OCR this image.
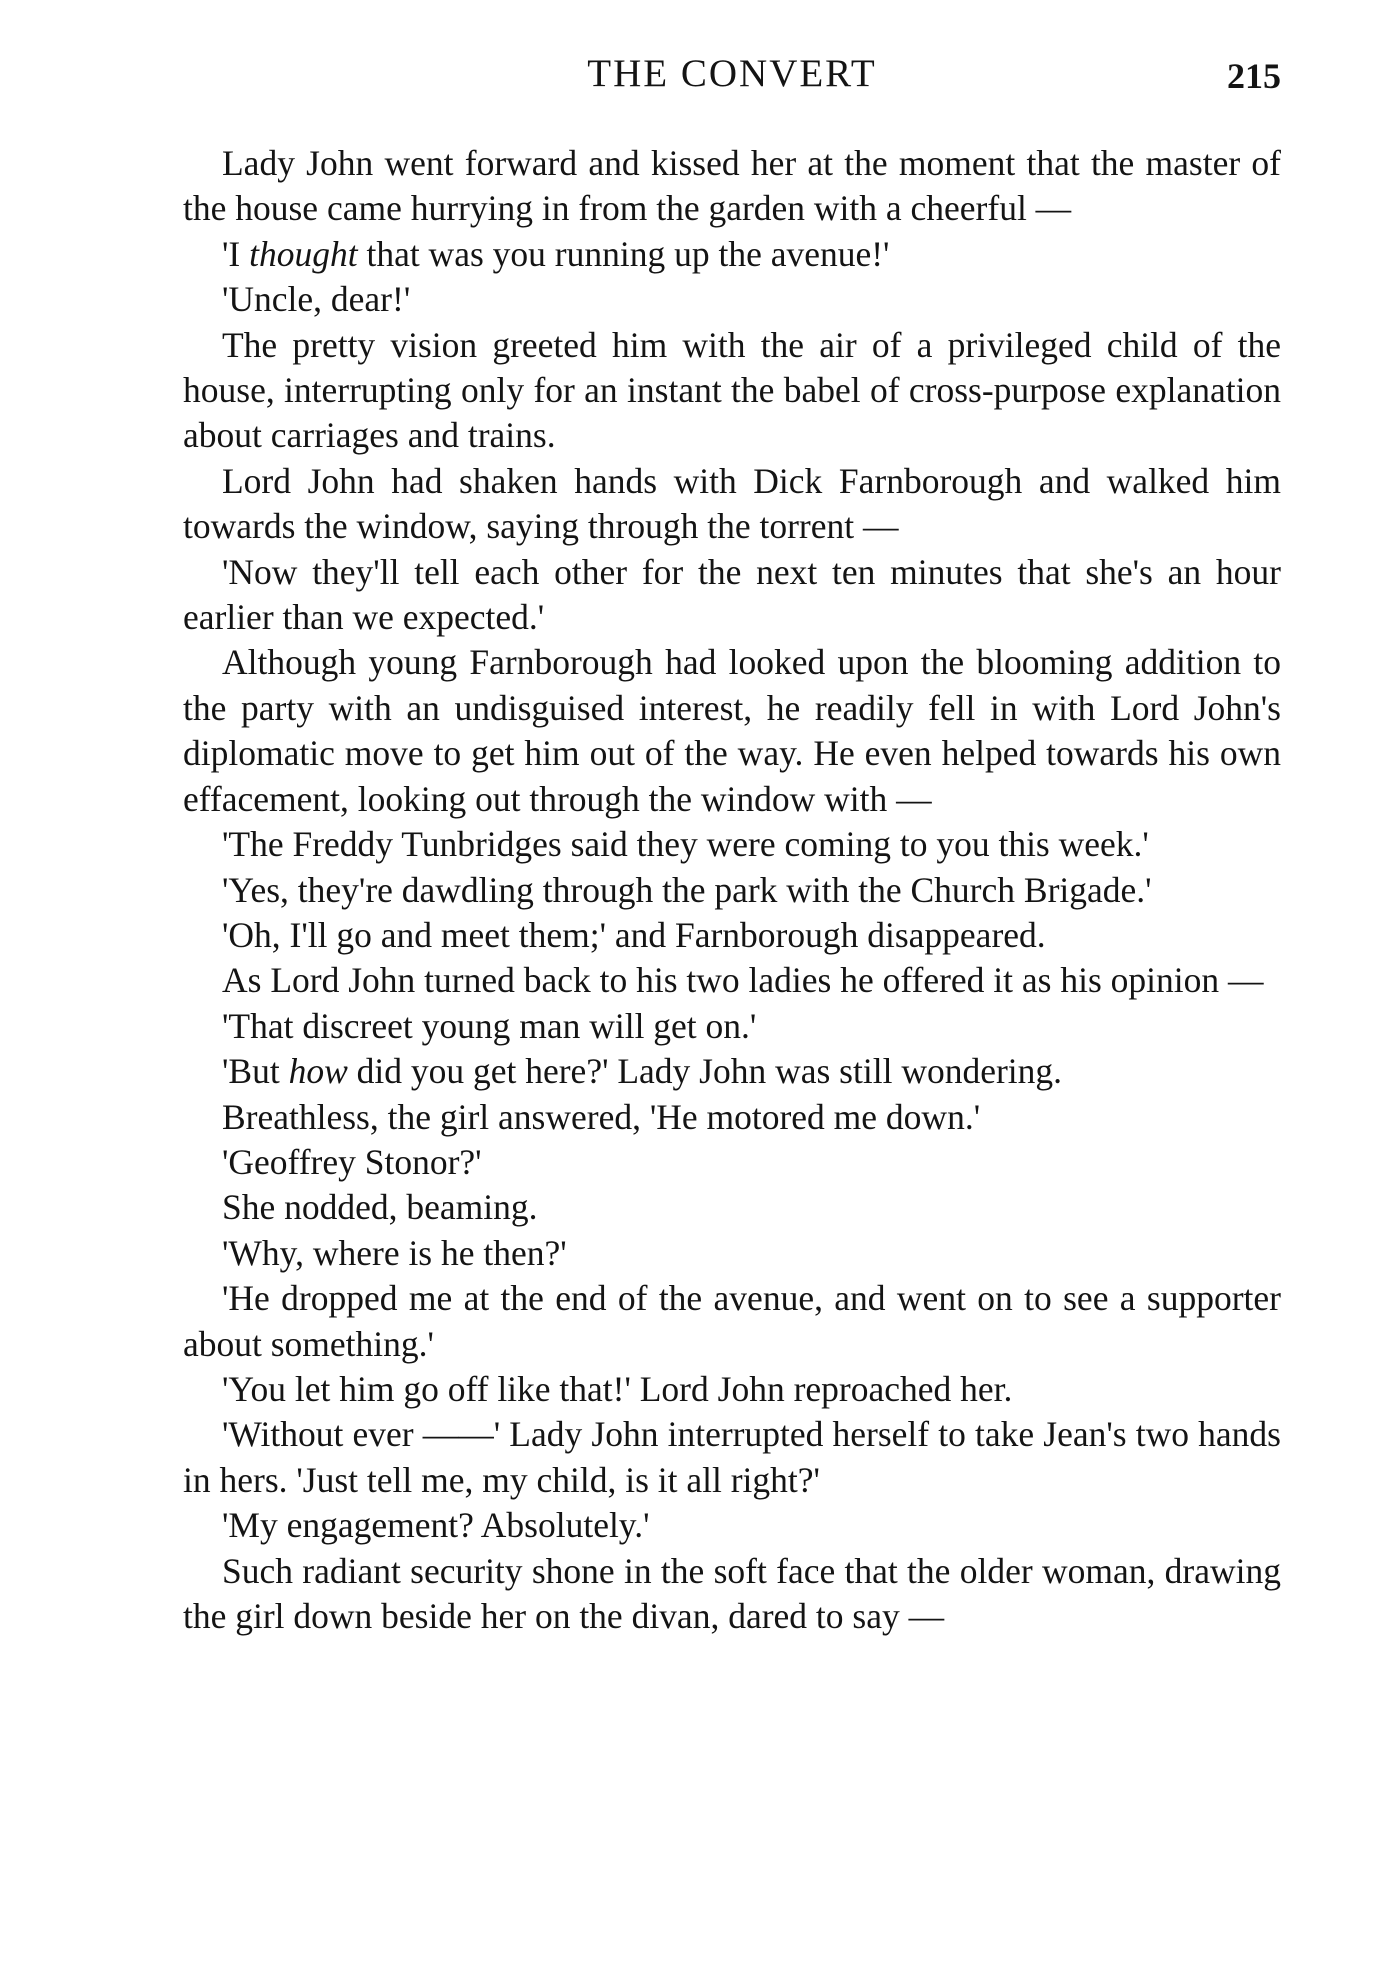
THE CONVERT	215

Lady John went forward and kissed her at the moment that the master of the house came hurrying in from the garden with a cheerful —

'I thought that was you running up the avenue!'

'Uncle, dear!'

The pretty vision greeted him with the air of a privileged child of the house, interrupting only for an instant the babel of cross-purpose explanation about carriages and trains.

Lord John had shaken hands with Dick Farnborough and walked him towards the window, saying through the torrent —

'Now they'll tell each other for the next ten minutes that she's an hour earlier than we expected.'

Although young Farnborough had looked upon the blooming addition to the party with an undisguised interest, he readily fell in with Lord John's diplomatic move to get him out of the way. He even helped towards his own effacement, looking out through the window with —

'The Freddy Tunbridges said they were coming to you this week.'

'Yes, they're dawdling through the park with the Church Brigade.'

'Oh, I'll go and meet them;' and Farnborough disappeared.

As Lord John turned back to his two ladies he offered it as his opinion —

'That discreet young man will get on.'

'But how did you get here?' Lady John was still wondering.

Breathless, the girl answered, 'He motored me down.'

'Geoffrey Stonor?'

She nodded, beaming.

'Why, where is he then?'

'He dropped me at the end of the avenue, and went on to see a supporter about something.'

'You let him go off like that!' Lord John reproached her.

'Without ever ——' Lady John interrupted herself to take Jean's two hands in hers. 'Just tell me, my child, is it all right?'

'My engagement? Absolutely.'

Such radiant security shone in the soft face that the older woman, drawing the girl down beside her on the divan, dared to say —
